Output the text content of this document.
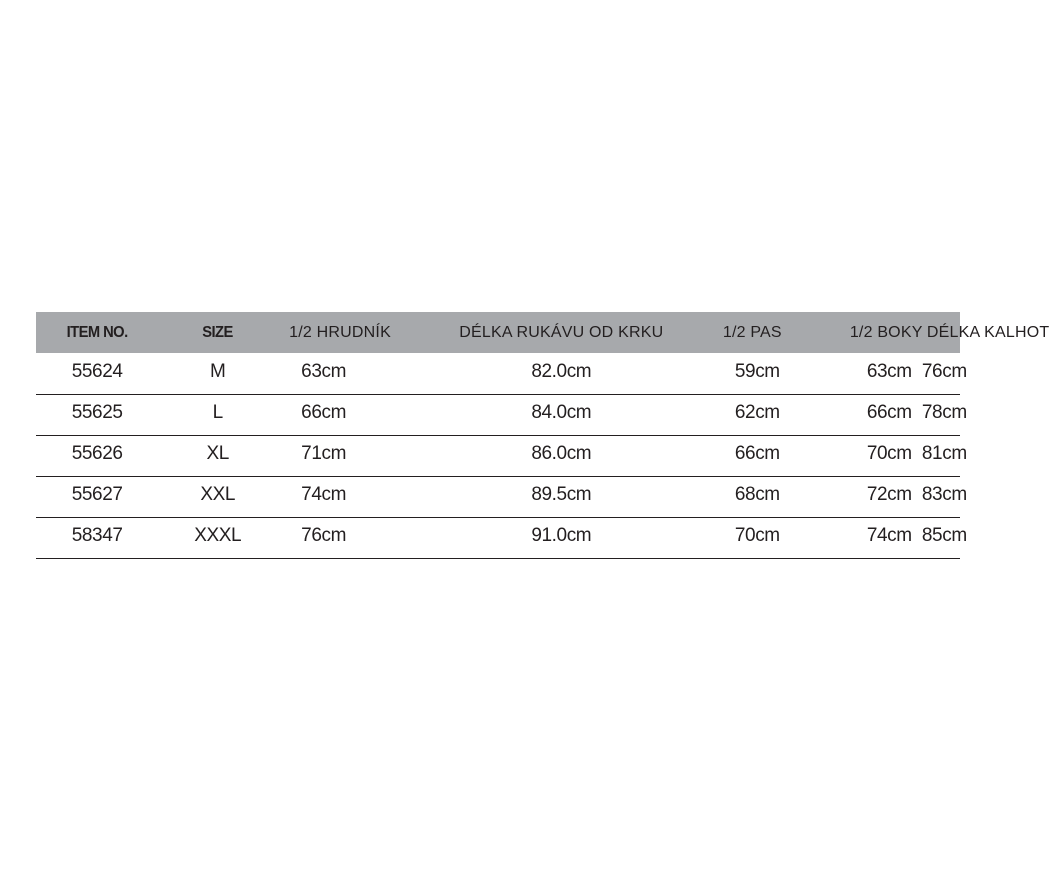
ITEM NO.	SIZE	1/2 HRUDNÍK	DÉLKA RUKÁVU OD KRKU	1/2 PAS	1/2 BOKY DÉLKA KALHOT	
55624	M	63cm	82.0cm	59cm	63cm	76cm
55625	L	66cm	84.0cm	62cm	66cm	78cm
55626	XL	71cm	86.0cm	66cm	70cm	81cm
55627	XXL	74cm	89.5cm	68cm	72cm	83cm
58347	XXXL	76cm	91.0cm	70cm	74cm	85cm
